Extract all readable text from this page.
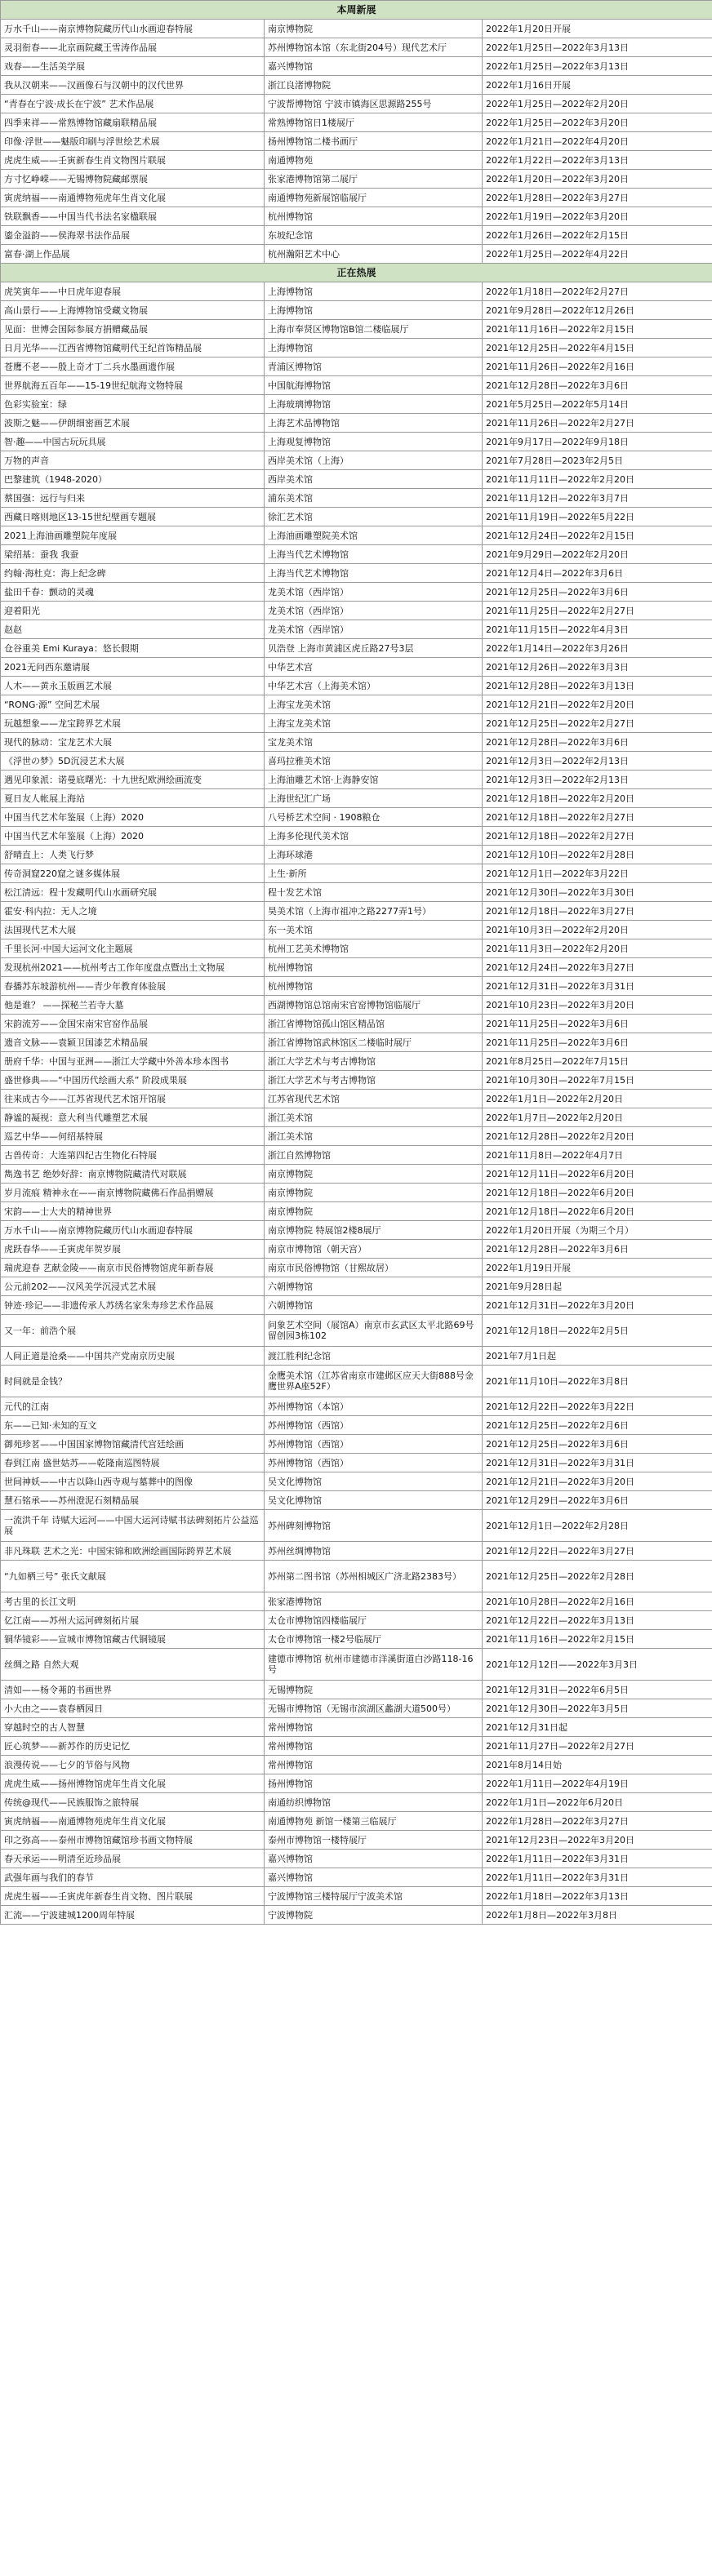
本周新展		
万水千山——南京博物院藏历代山水画迎春特展	南京博物院	2022年1月20日开展
灵羽衔春——北京画院藏王雪涛作品展	苏州博物馆本馆（东北街204号）现代艺术厅	2022年1月25日—2022年3月13日
戏春——生活美学展	嘉兴博物馆	2022年1月25日—2022年3月13日
我从汉朝来——汉画像石与汉朝中的汉代世界	浙江良渚博物院	2022年1月16日开展
“青春在宁波·成长在宁波” 艺术作品展	宁波帮博物馆 宁波市镇海区思源路255号	2022年1月25日—2022年2月20日
四季来祥——常熟博物馆藏扇联精品展	常熟博物馆日1楼展厅	2022年1月25日—2022年3月20日
印像·浮世——魅版印刷与浮世绘艺术展	扬州博物馆二楼书画厅	2022年1月21日—2022年4月20日
虎虎生威——壬寅新春生肖文物图片联展	南通博物苑	2022年1月22日—2022年3月13日
方寸忆峥嵘——无锡博物院藏邮票展	张家港博物馆第二展厅	2022年1月20日—2022年3月20日
寅虎纳福——南通博物苑虎年生肖文化展	南通博物苑新展馆临展厅	2022年1月28日—2022年3月27日
铁联飘香——中国当代书法名家楹联展	杭州博物馆	2022年1月19日—2022年3月20日
鎏金溢韵——侯海翠书法作品展	东坡纪念馆	2022年1月26日—2022年2月15日
富春·湖上作品展	杭州瀚阳艺术中心	2022年1月25日—2022年4月22日
正在热展		
虎笑寅年——中日虎年迎春展	上海博物馆	2022年1月18日—2022年2月27日
高山景行——上海博物馆受藏文物展	上海博物馆	2021年9月28日—2022年12月26日
见面：世博会国际参展方捐赠藏品展	上海市奉贤区博物馆B馆二楼临展厅	2021年11月16日—2022年2月15日
日月光华——江西省博物馆藏明代王纪首饰精品展	上海博物馆	2021年12月25日—2022年4月15日
苍鹰不老——殷上奇才丁二兵水墨画遗作展	青浦区博物馆	2021年11月26日—2022年2月16日
世界航海五百年——15-19世纪航海文物特展	中国航海博物馆	2021年12月28日—2022年3月6日
色彩实验室：绿	上海玻璃博物馆	2021年5月25日—2022年5月14日
波斯之魅——伊朗细密画艺术展	上海艺术品博物馆	2021年11月26日—2022年2月27日
智·趣——中国古玩玩具展	上海观复博物馆	2021年9月17日—2022年9月18日
万物的声音	西岸美术馆（上海）	2021年7月28日—2023年2月5日
巴黎建筑（1948-2020）	西岸美术馆	2021年11月11日—2022年2月20日
蔡国强：远行与归来	浦东美术馆	2021年11月12日—2022年3月7日
西藏日喀则地区13-15世纪壁画专题展	徐汇艺术馆	2021年11月19日—2022年5月22日
2021上海油画雕塑院年度展	上海油画雕塑院美术馆	2021年12月24日—2022年2月15日
梁绍基：蚕我 我蚕	上海当代艺术博物馆	2021年9月29日—2022年2月20日
约翰·海杜克：海上纪念碑	上海当代艺术博物馆	2021年12月4日—2022年3月6日
盐田千春：颤动的灵魂	龙美术馆（西岸馆）	2021年12月25日—2022年3月6日
迎着阳光	龙美术馆（西岸馆）	2021年11月25日—2022年2月27日
赵赵	龙美术馆（西岸馆）	2021年11月15日—2022年4月3日
仓谷重美 Emi Kuraya：悠长假期	贝浩登 上海市黄浦区虎丘路27号3层	2022年1月14日—2022年3月26日
2021无问西东邀请展	中华艺术宫	2021年12月26日—2022年3月3日
人木——黄永玉版画艺术展	中华艺术宫（上海美术馆）	2021年12月28日—2022年3月13日
“RONG·源” 空间艺术展	上海宝龙美术馆	2021年12月21日—2022年2月20日
玩越想象——龙宝跨界艺术展	上海宝龙美术馆	2021年12月25日—2022年2月27日
现代的脉动：宝龙艺术大展	宝龙美术馆	2021年12月28日—2022年3月6日
《浮世の梦》5D沉浸艺术大展	喜玛拉雅美术馆	2021年12月3日—2022年2月13日
遇见印象派：诺曼底曙光：十九世纪欧洲绘画流变	上海油雕艺术馆·上海静安馆	2021年12月3日—2022年2月13日
夏日友人帐展上海站	上海世纪汇广场	2021年12月18日—2022年2月20日
中国当代艺术年鉴展（上海）2020	八号桥艺术空间 · 1908粮仓	2021年12月18日—2022年2月27日
中国当代艺术年鉴展（上海）2020	上海多伦现代美术馆	2021年12月18日—2022年2月27日
舒晴直上：人类飞行梦	上海环球港	2021年12月10日—2022年2月28日
传奇洞窟220窟之谜多媒体展	上生·新所	2021年12月1日—2022年3月22日
松江清远：程十发藏明代山水画研究展	程十发艺术馆	2021年12月30日—2022年3月30日
霍安·科内拉：无人之境	昊美术馆（上海市祖冲之路2277弄1号）	2021年12月18日—2022年3月27日
法国现代艺术大展	东一美术馆	2021年10月3日—2022年2月20日
千里长河·中国大运河文化主题展	杭州工艺美术博物馆	2021年11月3日—2022年2月20日
发现杭州2021——杭州考古工作年度盘点暨出土文物展	杭州博物馆	2021年12月24日—2022年3月27日
春播苏东坡游杭州——青少年教育体验展	杭州博物馆	2021年12月31日—2022年3月31日
他是谁？ ——探秘兰若寺大墓	西湖博物馆总馆南宋官窑博物馆临展厅	2021年10月23日—2022年3月20日
宋韵流芳——金国宋南宋官窑作品展	浙江省博物馆孤山馆区精品馆	2021年11月25日—2022年3月6日
遗音文脉——袁颖卫国漆艺术精品展	浙江省博物馆武林馆区二楼临时展厅	2021年11月25日—2022年3月6日
册府千华：中国与亚洲——浙江大学藏中外善本珍本图书	浙江大学艺术与考古博物馆	2021年8月25日—2022年7月15日
盛世修典——“中国历代绘画大系” 阶段成果展	浙江大学艺术与考古博物馆	2021年10月30日—2022年7月15日
往来成古今——江苏省现代艺术馆开馆展	江苏省现代艺术馆	2022年1月1日—2022年2月20日
静谧的凝视：意大利当代雕塑艺术展	浙江美术馆	2022年1月7日—2022年2月20日
巡艺中华——何绍基特展	浙江美术馆	2021年12月28日—2022年2月20日
古兽传奇：大连第四纪古生物化石特展	浙江自然博物馆	2021年11月8日—2022年4月7日
雋逸书艺 绝妙好辞：南京博物院藏清代对联展	南京博物院	2021年12月11日—2022年6月20日
岁月流痕 精神永在——南京博物院藏佛石作品捐赠展	南京博物院	2021年12月18日—2022年6月20日
宋韵——士大夫的精神世界	南京博物院	2021年12月18日—2022年6月20日
万水千山——南京博物院藏历代山水画迎春特展	南京博物院 特展馆2楼8展厅	2022年1月20日开展（为期三个月）
虎跃春华——壬寅虎年贺岁展	南京市博物馆（朝天宫）	2021年12月28日—2022年3月6日
瑞虎迎春 艺献金陵——南京市民俗博物馆虎年新春展	南京市民俗博物馆（甘熙故居）	2022年1月19日开展
公元前202——汉风美学沉浸式艺术展	六朝博物馆	2021年9月28日起
钟迹·珍记——非遗传承人苏绣名家朱寿珍艺术作品展	六朝博物馆	2021年12月31日—2022年3月20日
又一年：前浩个展	问象艺术空间（展馆A）南京市玄武区太平北路69号留创园3栋102	2021年12月18日—2022年2月5日
人间正道是沧桑——中国共产党南京历史展	渡江胜利纪念馆	2021年7月1日起
时间就是金钱？	金鹰美术馆（江苏省南京市建邺区应天大街888号金鹰世界A座52F）	2021年11月10日—2022年3月8日
元代的江南	苏州博物馆（本馆）	2021年12月22日—2022年3月22日
东——已知·未知的互文	苏州博物馆（西馆）	2021年12月25日—2022年2月6日
御苑珍茗——中国国家博物馆藏清代宫廷绘画	苏州博物馆（西馆）	2021年12月25日—2022年3月6日
春到江南 盛世姑苏——乾隆南巡图特展	苏州博物馆（西馆）	2021年12月31日—2022年3月31日
世间神妖——中古以降山西寺观与墓葬中的图像	吴文化博物馆	2021年12月21日—2022年3月20日
慧石铭承——苏州澄泥石刻精品展	吴文化博物馆	2021年12月29日—2022年3月6日
一流洪千年 诗赋大运河——中国大运河诗赋书法碑刻拓片公益巡展	苏州碑刻博物馆	2021年12月1日—2022年2月28日
非凡珠联 艺术之光：中国宋锦和欧洲绘画国际跨界艺术展	苏州丝绸博物馆	2021年12月22日—2022年3月27日
“九如栖三号” 张氏文献展	苏州第二图书馆（苏州相城区广济北路2383号）	2021年12月25日—2022年2月28日
考古里的长江文明	张家港博物馆	2021年10月28日—2022年2月16日
亿江南——苏州大运河碑刻拓片展	太仓市博物馆四楼临展厅	2021年12月22日—2022年3月13日
铜华镜彩——宣城市博物馆藏古代铜镜展	太仓市博物馆一楼2号临展厅	2021年11月16日—2022年2月15日
丝绸之路 自然大观	建德市博物馆 杭州市建德市洋溪街道白沙路118-16号	2021年12月12日——2022年3月3日
清如——杨令茀的书画世界	无锡博物院	2021年12月31日—2022年6月5日
小大由之——袁春栖园日	无锡市博物馆（无锡市滨湖区蠡湖大道500号）	2021年12月30日—2022年3月5日
穿越时空的古人智慧	常州博物馆	2021年12月31日起
匠心筑梦——新苏作的历史记忆	常州博物馆	2021年11月27日—2022年2月27日
浪漫传说——七夕的节俗与风物	常州博物馆	2021年8月14日始
虎虎生威——扬州博物馆虎年生肖文化展	扬州博物馆	2022年1月11日—2022年4月19日
传统@现代——民族服饰之旅特展	南通纺织博物馆	2022年1月1日—2022年6月20日
寅虎纳福——南通博物苑虎年生肖文化展	南通博物苑 新馆一楼第三临展厅	2022年1月28日—2022年3月27日
印之弥高——泰州市博物馆藏馆珍书画文物特展	泰州市博物馆一楼特展厅	2021年12月23日—2022年3月20日
春天承运——明清至近珍品展	嘉兴博物馆	2022年1月11日—2022年3月31日
武强年画与我们的春节	嘉兴博物馆	2022年1月11日—2022年3月31日
虎虎生福——壬寅虎年新春生肖文物、图片联展	宁波博物馆三楼特展厅宁波美术馆	2022年1月18日—2022年3月13日
汇流——宁波建城1200周年特展	宁波博物院	2022年1月8日—2022年3月8日
